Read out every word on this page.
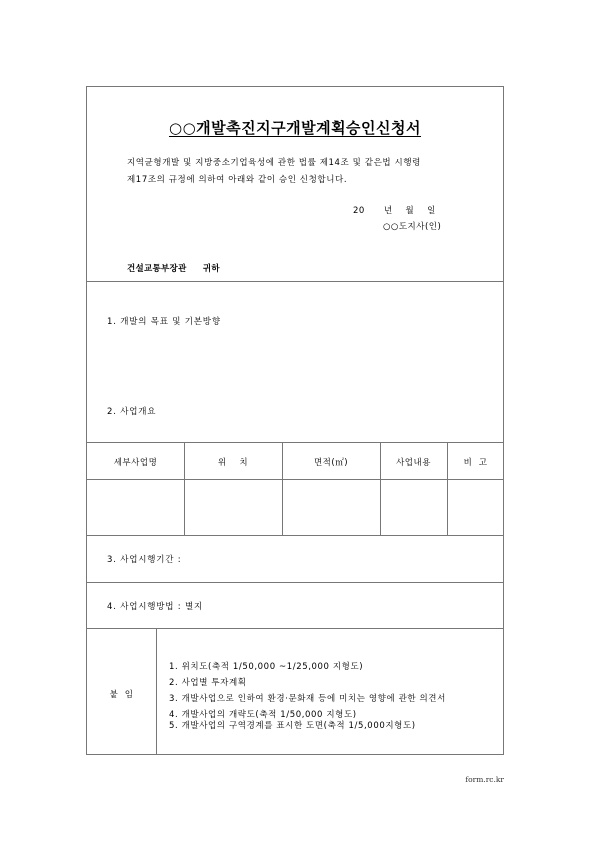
○○개발촉진지구개발계획승인신청서
지역균형개발 및 지방중소기업육성에 관한 법률 제14조 및 같은법 시행령
제17조의 규정에 의하여 아래와 같이 승인 신청합니다.
20      년    월    일
○○도지사(인)
건설교통부장관     귀하
1. 개발의 목표 및 기본방향
2. 사업개요
3. 사업시행기간 :
4. 사업시행방법 : 별지
세부사업명	위    치	면적(㎡)	사업내용	비  고
붙  임
1. 위치도(축적 1/50,000 ~1/25,000 지형도)
2. 사업별 투자계획
3. 개발사업으로 인하여 환경·문화재 등에 미치는 영향에 관한 의견서
4. 개발사업의 개략도(축적 1/50,000 지형도)
5. 개발사업의 구역경계를 표시한 도면(축적 1/5,000지형도)
form.rc.kr
